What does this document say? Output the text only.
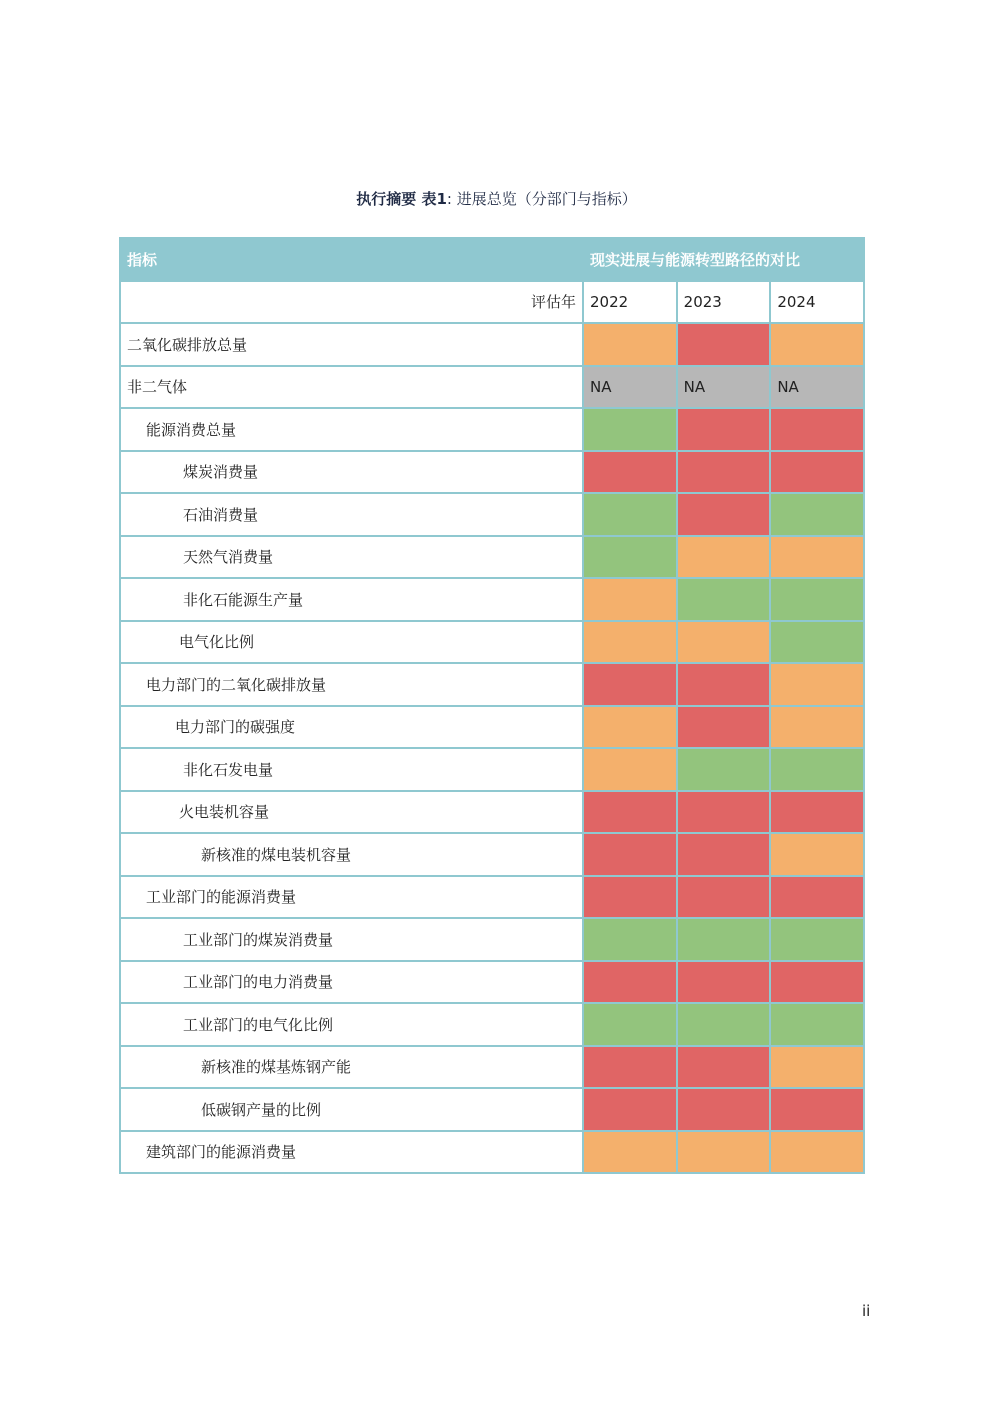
执行摘要 表1: 进展总览（分部门与指标）
指标	现实进展与能源转型路径的对比		
评估年	2022	2023	2024
二氧化碳排放总量			
非二气体	NA	NA	NA
能源消费总量			
煤炭消费量			
石油消费量			
天然气消费量			
非化石能源生产量			
电气化比例			
电力部门的二氧化碳排放量			
电力部门的碳强度			
非化石发电量			
火电装机容量			
新核准的煤电装机容量			
工业部门的能源消费量			
工业部门的煤炭消费量			
工业部门的电力消费量			
工业部门的电气化比例			
新核准的煤基炼钢产能			
低碳钢产量的比例			
建筑部门的能源消费量			
ii
